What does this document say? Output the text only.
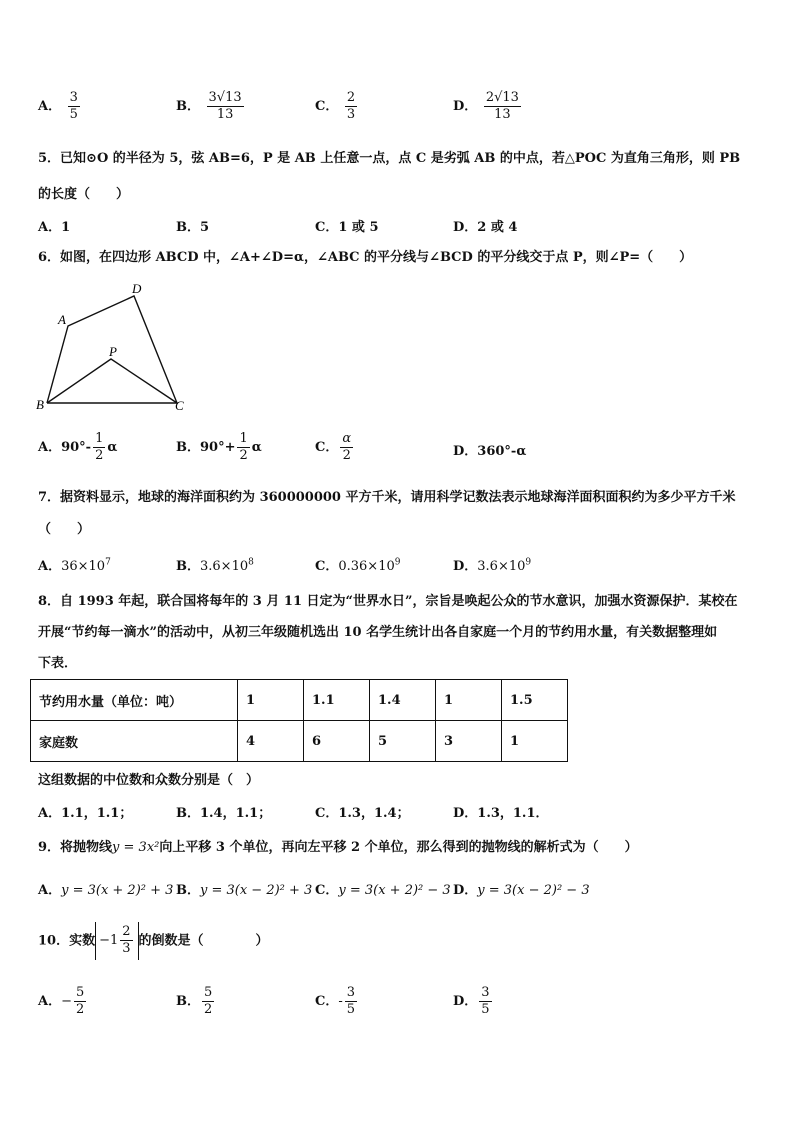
A． $\frac{3}{5}$	B． $\frac{3√13}{13}$	C． $\frac{2}{3}$	D． $\frac{2√13}{13}$
5．已知⊙O 的半径为 5，弦 AB=6，P 是 AB 上任意一点，点 C 是劣弧 AB 的中点，若△POC 为直角三角形，则 PB
的长度（　　）
A．1	B．5	C．1 或 5	D．2 或 4
6．如图，在四边形 ABCD 中，∠A+∠D=α，∠ABC 的平分线与∠BCD 的平分线交于点 P，则∠P=（　　）
A
D
P
B	C
A．$90^\circ- \frac{1}{2}$ α	B．$90^\circ+ \frac{1}{2}$ α	C． $\frac{\alpha}{2}$	D．360°-α
7．据资料显示，地球的海洋面积约为 360000000 平方千米，请用科学记数法表示地球海洋面积面积约为多少平方千米
（　　）
A．$36\times 10^7$	B．$3.6\times 10^8$	C．$0.36\times 10^9$	D．$3.6\times 10^9$
8．自 1993 年起，联合国将每年的 3 月 11 日定为“世界水日”，宗旨是唤起公众的节水意识，加强水资源保护．某校在
开展“节约每一滴水”的活动中，从初三年级随机选出 10 名学生统计出各自家庭一个月的节约用水量，有关数据整理如
下表．
节约用水量（单位：吨）	1	1.1	1.4	1	1.5
家庭数	4	6	5	3	1
这组数据的中位数和众数分别是（　）
A．1.1，1.1；	B．1.4，1.1；	C．1.3，1.4；	D．1.3，1.1．
9．将抛物线y = 3x²向上平移 3 个单位，再向左平移 2 个单位，那么得到的抛物线的解析式为（　　）
A．y = 3(x + 2)² + 3 B．y = 3(x − 2)² + 3 C．y = 3(x + 2)² − 3 D．y = 3(x − 2)² − 3
10．实数 $-1 \frac{2}{3}$ 的倒数是（　　　　）
A．− $\frac{5}{2}$	B． $\frac{5}{2}$	C．- $\frac{3}{5}$	D． $\frac{3}{5}$
